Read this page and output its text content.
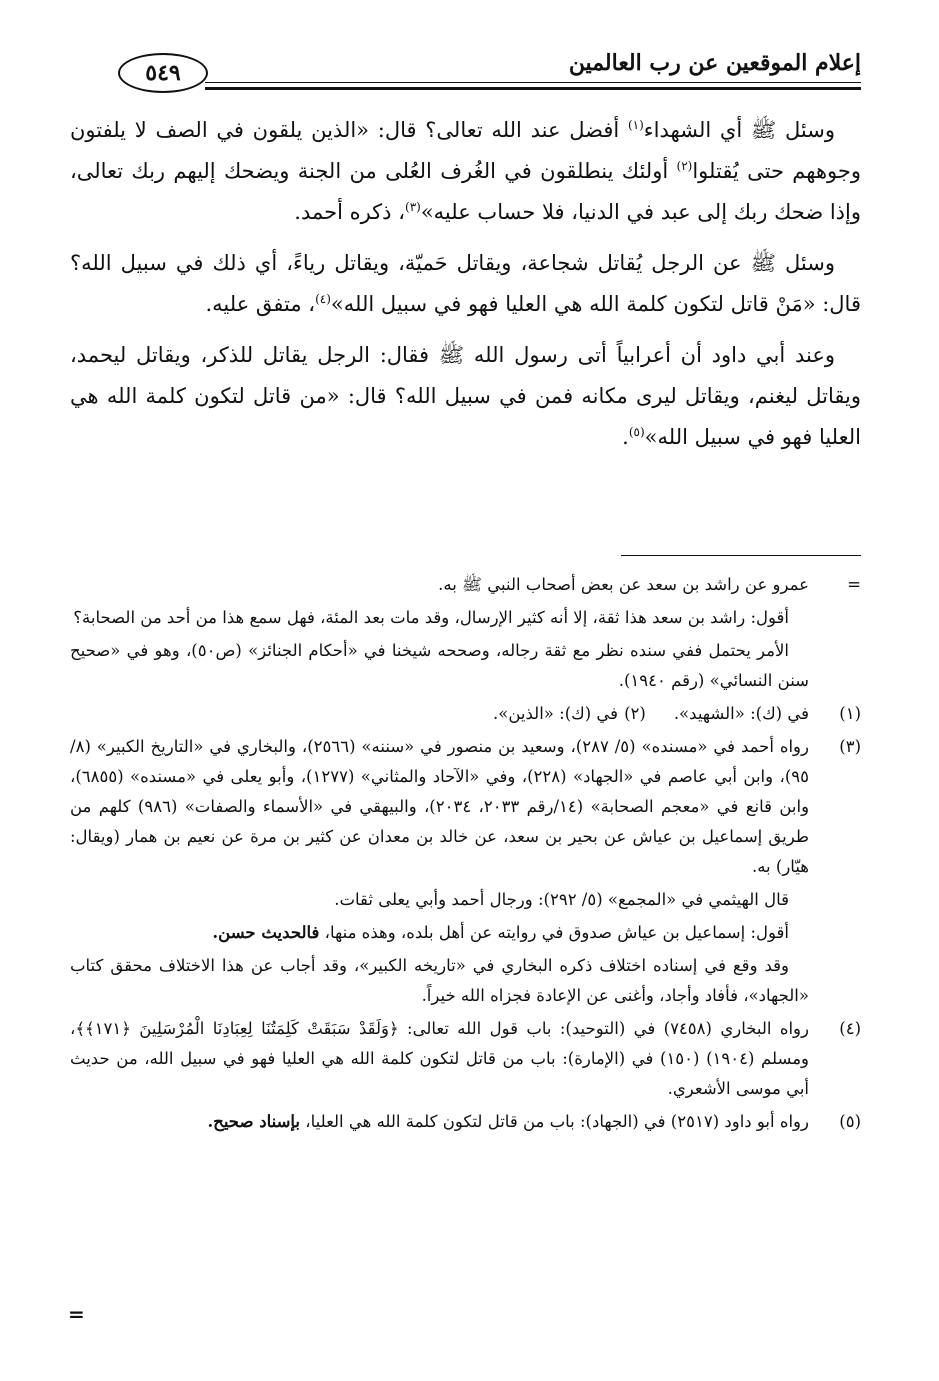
إعلام الموقعين عن رب العالمين
٥٤٩

وسئل ﷺ أي الشهداء$^{(١)}$ أفضل عند الله تعالى؟ قال: «الذين يلقون في الصف لا يلفتون وجوههم حتى يُقتلوا$^{(٢)}$ أولئك ينطلقون في الغُرف العُلى من الجنة ويضحك إليهم ربك تعالى، وإذا ضحك ربك إلى عبد في الدنيا، فلا حساب عليه»$^{(٣)}$، ذكره أحمد.

وسئل ﷺ عن الرجل يُقاتل شجاعة، ويقاتل حَميّة، ويقاتل رياءً، أي ذلك في سبيل الله؟ قال: «مَنْ قاتل لتكون كلمة الله هي العليا فهو في سبيل الله»$^{(٤)}$، متفق عليه.

وعند أبي داود أن أعرابياً أتى رسول الله ﷺ فقال: الرجل يقاتل للذكر، ويقاتل ليحمد، ويقاتل ليغنم، ويقاتل ليرى مكانه فمن في سبيل الله؟ قال: «من قاتل لتكون كلمة الله هي العليا فهو في سبيل الله»$^{(٥)}$.

=
عمرو عن راشد بن سعد عن بعض أصحاب النبي ﷺ به.
أقول: راشد بن سعد هذا ثقة، إلا أنه كثير الإرسال، وقد مات بعد المئة، فهل سمع هذا من أحد من الصحابة؟
الأمر يحتمل ففي سنده نظر مع ثقة رجاله، وصححه شيخنا في «أحكام الجنائز» (ص٥٠)، وهو في «صحيح سنن النسائي» (رقم ١٩٤٠).
(١)
في (ك): «الشهيد».(٢)في (ك): «الذين».
(٣)
رواه أحمد في «مسنده» (٥/ ٢٨٧)، وسعيد بن منصور في «سننه» (٢٥٦٦)، والبخاري في «التاريخ الكبير» (٨/ ٩٥)، وابن أبي عاصم في «الجهاد» (٢٢٨)، وفي «الآحاد والمثاني» (١٢٧٧)، وأبو يعلى في «مسنده» (٦٨٥٥)، وابن قانع في «معجم الصحابة» (١٤/رقم ٢٠٣٣، ٢٠٣٤)، والبيهقي في «الأسماء والصفات» (٩٨٦) كلهم من طريق إسماعيل بن عياش عن بحير بن سعد، عن خالد بن معدان عن كثير بن مرة عن نعيم بن همار (ويقال: هيّار) به.
قال الهيثمي في «المجمع» (٥/ ٢٩٢): ورجال أحمد وأبي يعلى ثقات.
أقول: إسماعيل بن عياش صدوق في روايته عن أهل بلده، وهذه منها، فالحديث حسن.
وقد وقع في إسناده اختلاف ذكره البخاري في «تاريخه الكبير»، وقد أجاب عن هذا الاختلاف محقق كتاب «الجهاد»، فأفاد وأجاد، وأغنى عن الإعادة فجزاه الله خيراً.
(٤)
رواه البخاري (٧٤٥٨) في (التوحيد): باب قول الله تعالى: ﴿وَلَقَدْ سَبَقَتْ كَلِمَتُنَا لِعِبَادِنَا الْمُرْسَلِينَ ﴿١٧١﴾﴾، ومسلم (١٩٠٤) (١٥٠) في (الإمارة): باب من قاتل لتكون كلمة الله هي العليا فهو في سبيل الله، من حديث أبي موسى الأشعري.
(٥)
رواه أبو داود (٢٥١٧) في (الجهاد): باب من قاتل لتكون كلمة الله هي العليا، بإسناد صحيح.
=
